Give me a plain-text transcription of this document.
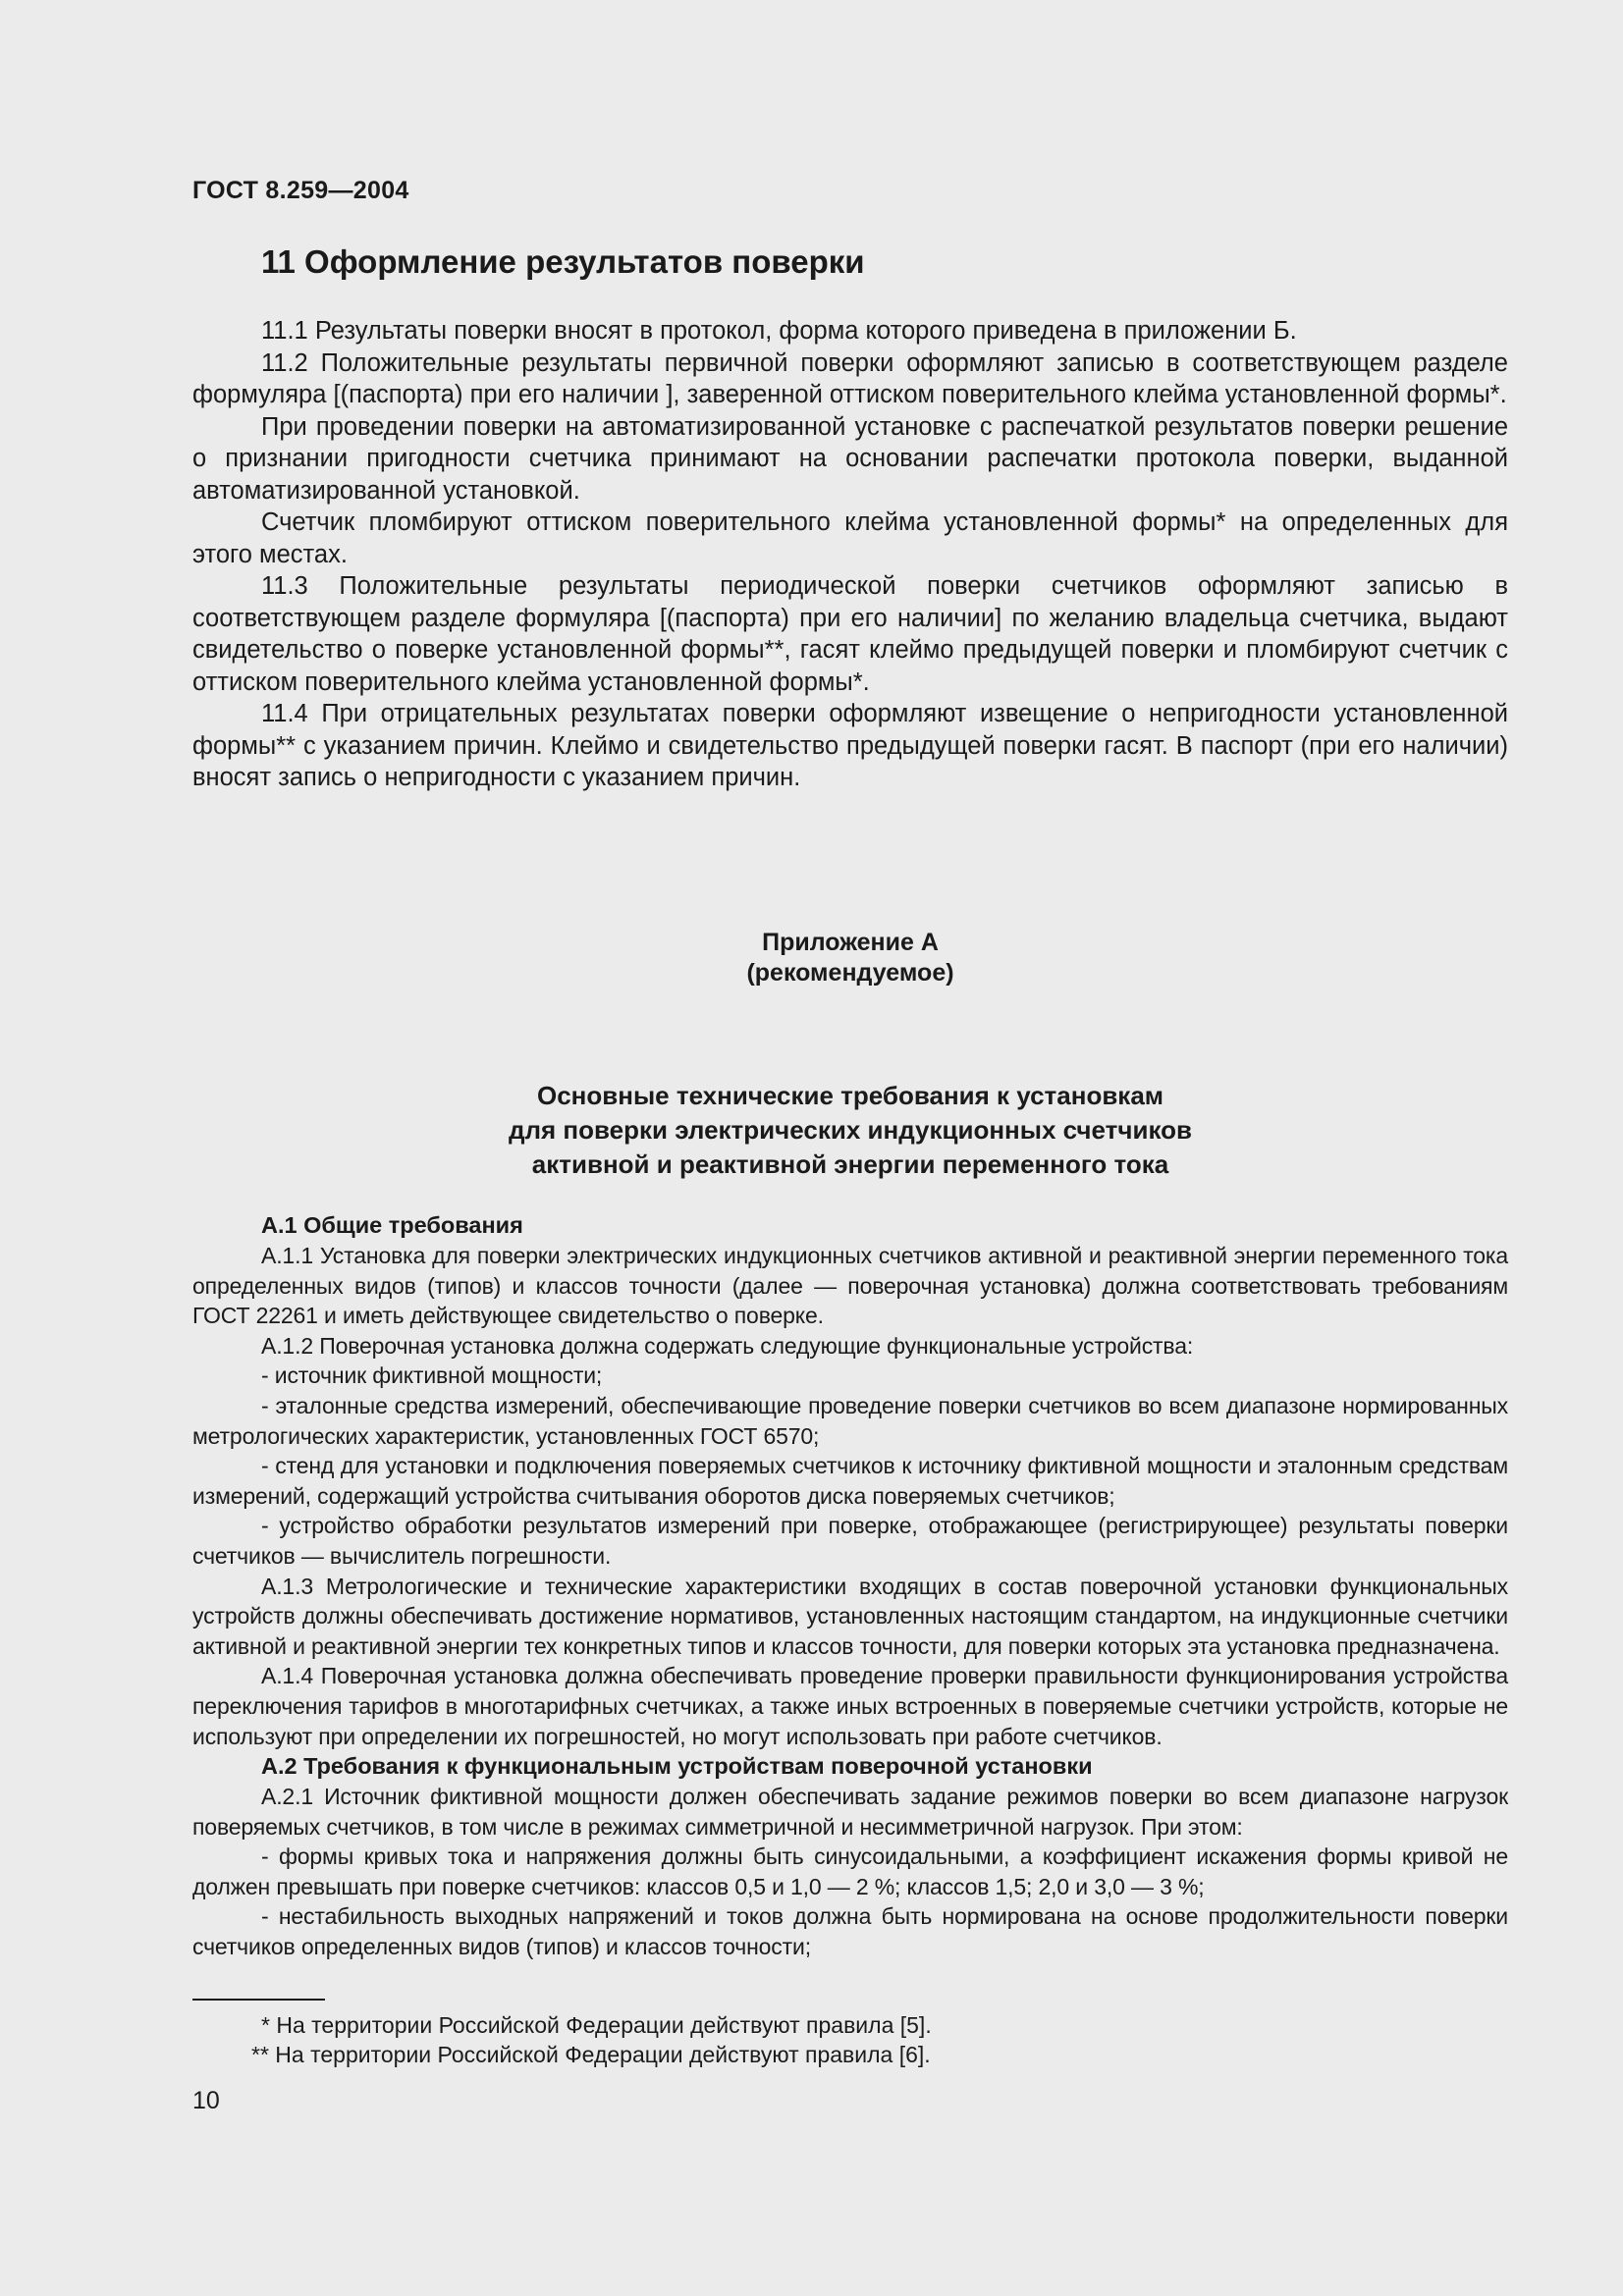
ГОСТ 8.259—2004
11 Оформление результатов поверки

11.1 Результаты поверки вносят в протокол, форма которого приведена в приложении Б.

11.2 Положительные результаты первичной поверки оформляют записью в соответствующем разделе формуляра [(паспорта) при его наличии ], заверенной оттиском поверительного клейма установленной формы*.

При проведении поверки на автоматизированной установке с распечаткой результатов поверки решение о признании пригодности счетчика принимают на основании распечатки протокола поверки, выданной автоматизированной установкой.

Счетчик пломбируют оттиском поверительного клейма установленной формы* на определенных для этого местах.

11.3 Положительные результаты периодической поверки счетчиков оформляют записью в соответствующем разделе формуляра [(паспорта) при его наличии] по желанию владельца счетчика, выдают свидетельство о поверке установленной формы**, гасят клеймо предыдущей поверки и пломбируют счетчик с оттиском поверительного клейма установленной формы*.

11.4 При отрицательных результатах поверки оформляют извещение о непригодности установленной формы** с указанием причин. Клеймо и свидетельство предыдущей поверки гасят. В паспорт (при его наличии) вносят запись о непригодности с указанием причин.

Приложение А

(рекомендуемое)

Основные технические требования к установкам
для поверки электрических индукционных счетчиков
активной и реактивной энергии переменного тока

А.1 Общие требования

А.1.1 Установка для поверки электрических индукционных счетчиков активной и реактивной энергии переменного тока определенных видов (типов) и классов точности (далее — поверочная установка) должна соответствовать требованиям ГОСТ 22261 и иметь действующее свидетельство о поверке.

А.1.2 Поверочная установка должна содержать следующие функциональные устройства:

- источник фиктивной мощности;

- эталонные средства измерений, обеспечивающие проведение поверки счетчиков во всем диапазоне нормированных метрологических характеристик, установленных ГОСТ 6570;

- стенд для установки и подключения поверяемых счетчиков к источнику фиктивной мощности и эталонным средствам измерений, содержащий устройства считывания оборотов диска поверяемых счетчиков;

- устройство обработки результатов измерений при поверке, отображающее (регистрирующее) результаты поверки счетчиков — вычислитель погрешности.

А.1.3 Метрологические и технические характеристики входящих в состав поверочной установки функциональных устройств должны обеспечивать достижение нормативов, установленных настоящим стандартом, на индукционные счетчики активной и реактивной энергии тех конкретных типов и классов точности, для поверки которых эта установка предназначена.

А.1.4 Поверочная установка должна обеспечивать проведение проверки правильности функционирования устройства переключения тарифов в многотарифных счетчиках, а также иных встроенных в поверяемые счетчики устройств, которые не используют при определении их погрешностей, но могут использовать при работе счетчиков.

А.2 Требования к функциональным устройствам поверочной установки

А.2.1 Источник фиктивной мощности должен обеспечивать задание режимов поверки во всем диапазоне нагрузок поверяемых счетчиков, в том числе в режимах симметричной и несимметричной нагрузок. При этом:

- формы кривых тока и напряжения должны быть синусоидальными, а коэффициент искажения формы кривой не должен превышать при поверке счетчиков: классов 0,5 и 1,0 — 2 %; классов 1,5; 2,0 и 3,0 — 3 %;

- нестабильность выходных напряжений и токов должна быть нормирована на основе продолжительности поверки счетчиков определенных видов (типов) и классов точности;

* На территории Российской Федерации действуют правила [5].

** На территории Российской Федерации действуют правила [6].

10
